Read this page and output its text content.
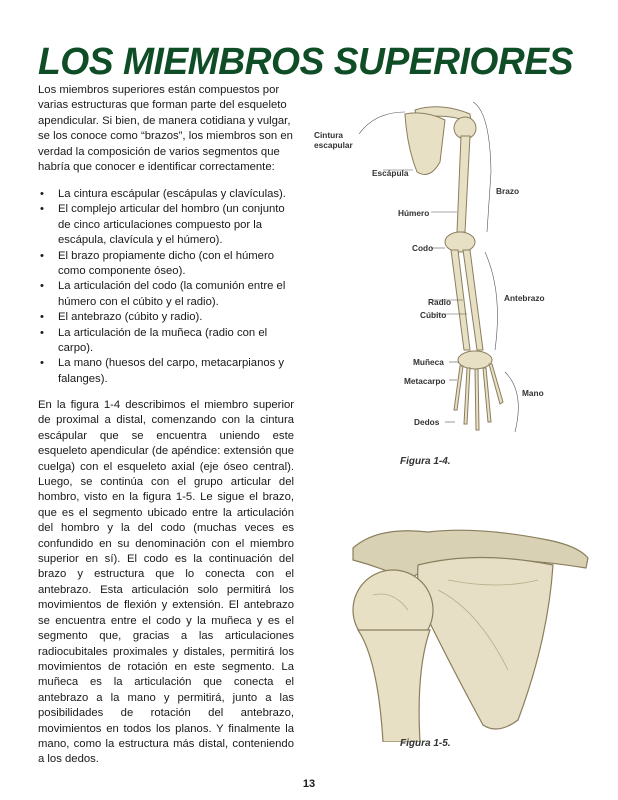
LOS MIEMBROS SUPERIORES
Los miembros superiores están compuestos por varias estructuras que forman parte del esqueleto apendicular. Si bien, de manera cotidiana y vulgar, se los conoce como “brazos”, los miembros son en verdad la composición de varios segmentos que habría que conocer e identificar correctamente:
• La cintura escápular (escápulas y clavículas).
• El complejo articular del hombro (un conjunto de cinco articulaciones compuesto por la escápula, clavícula y el húmero).
• El brazo propiamente dicho (con el húmero como componente óseo).
• La articulación del codo (la comunión entre el húmero con el cúbito y el radio).
• El antebrazo (cúbito y radio).
• La articulación de la muñeca (radio con el carpo).
• La mano (huesos del carpo, metacarpianos y falanges).
En la figura 1-4 describimos el miembro superior de proximal a distal, comenzando con la cintura escápular que se encuentra uniendo este esqueleto apendicular (de apéndice: extensión que cuelga) con el esqueleto axial (eje óseo central). Luego, se continúa con el grupo articular del hombro, visto en la figura 1-5. Le sigue el brazo, que es el segmento ubicado entre la articulación del hombro y la del codo (muchas veces es confundido en su denominación con el miembro superior en sí). El codo es la continuación del brazo y estructura que lo conecta con el antebrazo. Esta articulación solo permitirá los movimientos de flexión y extensión. El antebrazo se encuentra entre el codo y la muñeca y es el segmento que, gracias a las articulaciones radiocubitales proximales y distales, permitirá los movimientos de rotación en este segmento. La muñeca es la articulación que conecta el antebrazo a la mano y permitirá, junto a las posibilidades de rotación del antebrazo, movimientos en todos los planos. Y finalmente la mano, como la estructura más distal, conteniendo a los dedos.
Cintura
escapular
Escápula
Brazo
Húmero
Codo
Antebrazo
Radio
Cúbito
Muñeca
Metacarpo
Mano
Dedos
Figura 1-4.
Figura 1-5.
13
